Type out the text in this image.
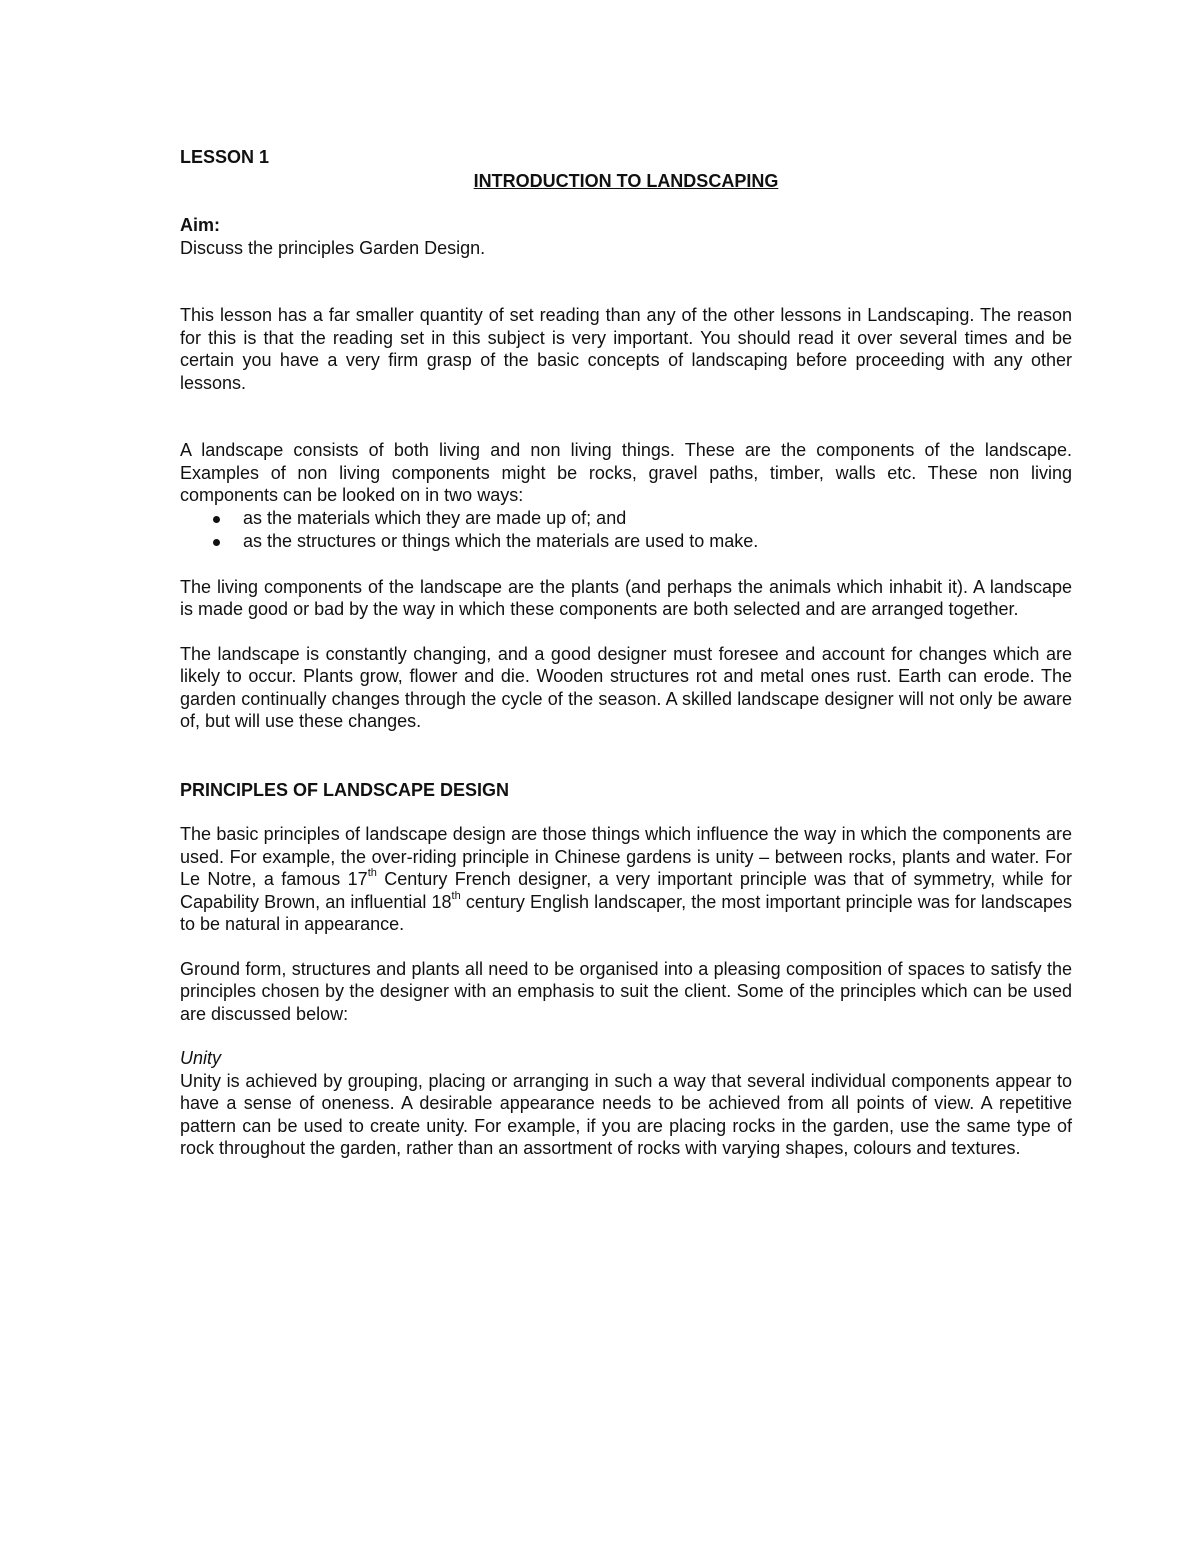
LESSON 1
INTRODUCTION TO LANDSCAPING
Aim:
Discuss the principles Garden Design.

This lesson has a far smaller quantity of set reading than any of the other lessons in Landscaping. The reason for this is that the reading set in this subject is very important. You should read it over several times and be certain you have a very firm grasp of the basic concepts of landscaping before proceeding with any other lessons.

A landscape consists of both living and non living things. These are the components of the landscape. Examples of non living components might be rocks, gravel paths, timber, walls etc. These non living components can be looked on in two ways:

as the materials which they are made up of; and
as the structures or things which the materials are used to make.

The living components of the landscape are the plants (and perhaps the animals which inhabit it). A landscape is made good or bad by the way in which these components are both selected and are arranged together.

The landscape is constantly changing, and a good designer must foresee and account for changes which are likely to occur. Plants grow, flower and die. Wooden structures rot and metal ones rust. Earth can erode. The garden continually changes through the cycle of the season. A skilled landscape designer will not only be aware of, but will use these changes.

PRINCIPLES OF LANDSCAPE DESIGN

The basic principles of landscape design are those things which influence the way in which the components are used. For example, the over-riding principle in Chinese gardens is unity – between rocks, plants and water. For Le Notre, a famous 17th Century French designer, a very important principle was that of symmetry, while for Capability Brown, an influential 18th century English landscaper, the most important principle was for landscapes to be natural in appearance.

Ground form, structures and plants all need to be organised into a pleasing composition of spaces to satisfy the principles chosen by the designer with an emphasis to suit the client. Some of the principles which can be used are discussed below:

Unity

Unity is achieved by grouping, placing or arranging in such a way that several individual components appear to have a sense of oneness. A desirable appearance needs to be achieved from all points of view. A repetitive pattern can be used to create unity. For example, if you are placing rocks in the garden, use the same type of rock throughout the garden, rather than an assortment of rocks with varying shapes, colours and textures.
